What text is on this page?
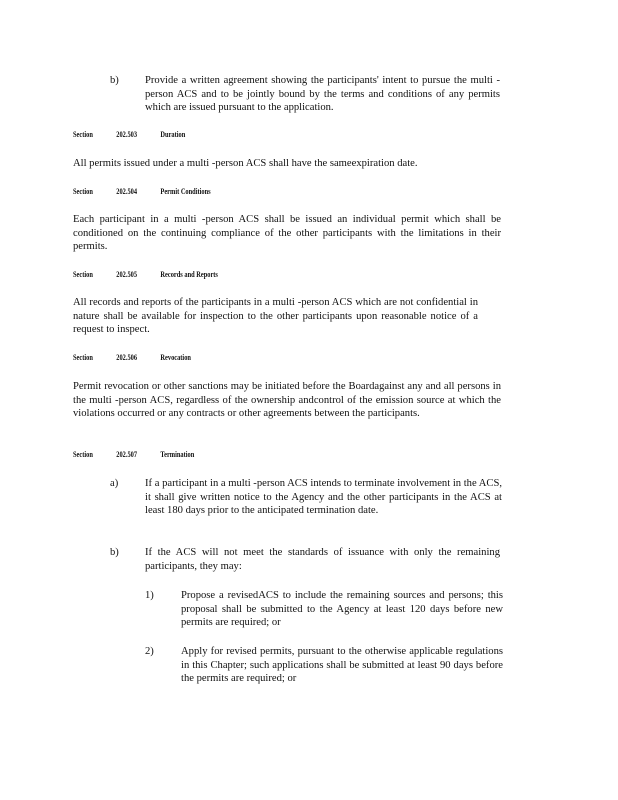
b) Provide a written agreement showing the participants' intent to pursue the multi -person ACS and to be jointly bound by the terms and conditions of any permits which are issued pursuant to the application.
Section	202.503	Duration
All permits issued under a multi -person ACS shall have the sameexpiration date.
Section	202.504	Permit Conditions
Each participant in a multi -person ACS shall be issued an individual permit which shall be conditioned on the continuing compliance of the other participants with the limitations in their permits.
Section	202.505	Records and Reports
All records and reports of the participants in a multi -person ACS which are not confidential in nature shall be available for inspection to the other participants upon reasonable notice of a request to inspect.
Section	202.506	Revocation
Permit revocation or other sanctions may be initiated before the Boardagainst any and all persons in the multi -person ACS, regardless of the ownership andcontrol of the emission source at which the violations occurred or any contracts or other agreements between the participants.
Section	202.507	Termination
a)	If a participant in a multi -person ACS intends to terminate involvement in the ACS, it shall give written notice to the Agency and the other participants in the ACS at least 180 days prior to the anticipated termination date.
b) If the ACS will not meet the standards of issuance with only the remaining participants, they may:
1)	Propose a revisedACS to include the remaining sources and persons; this proposal shall be submitted to the Agency at least 120 days before new permits are required; or
2)	Apply for revised permits, pursuant to the otherwise applicable regulations in this Chapter; such applications shall be submitted at least 90 days before the permits are required; or
